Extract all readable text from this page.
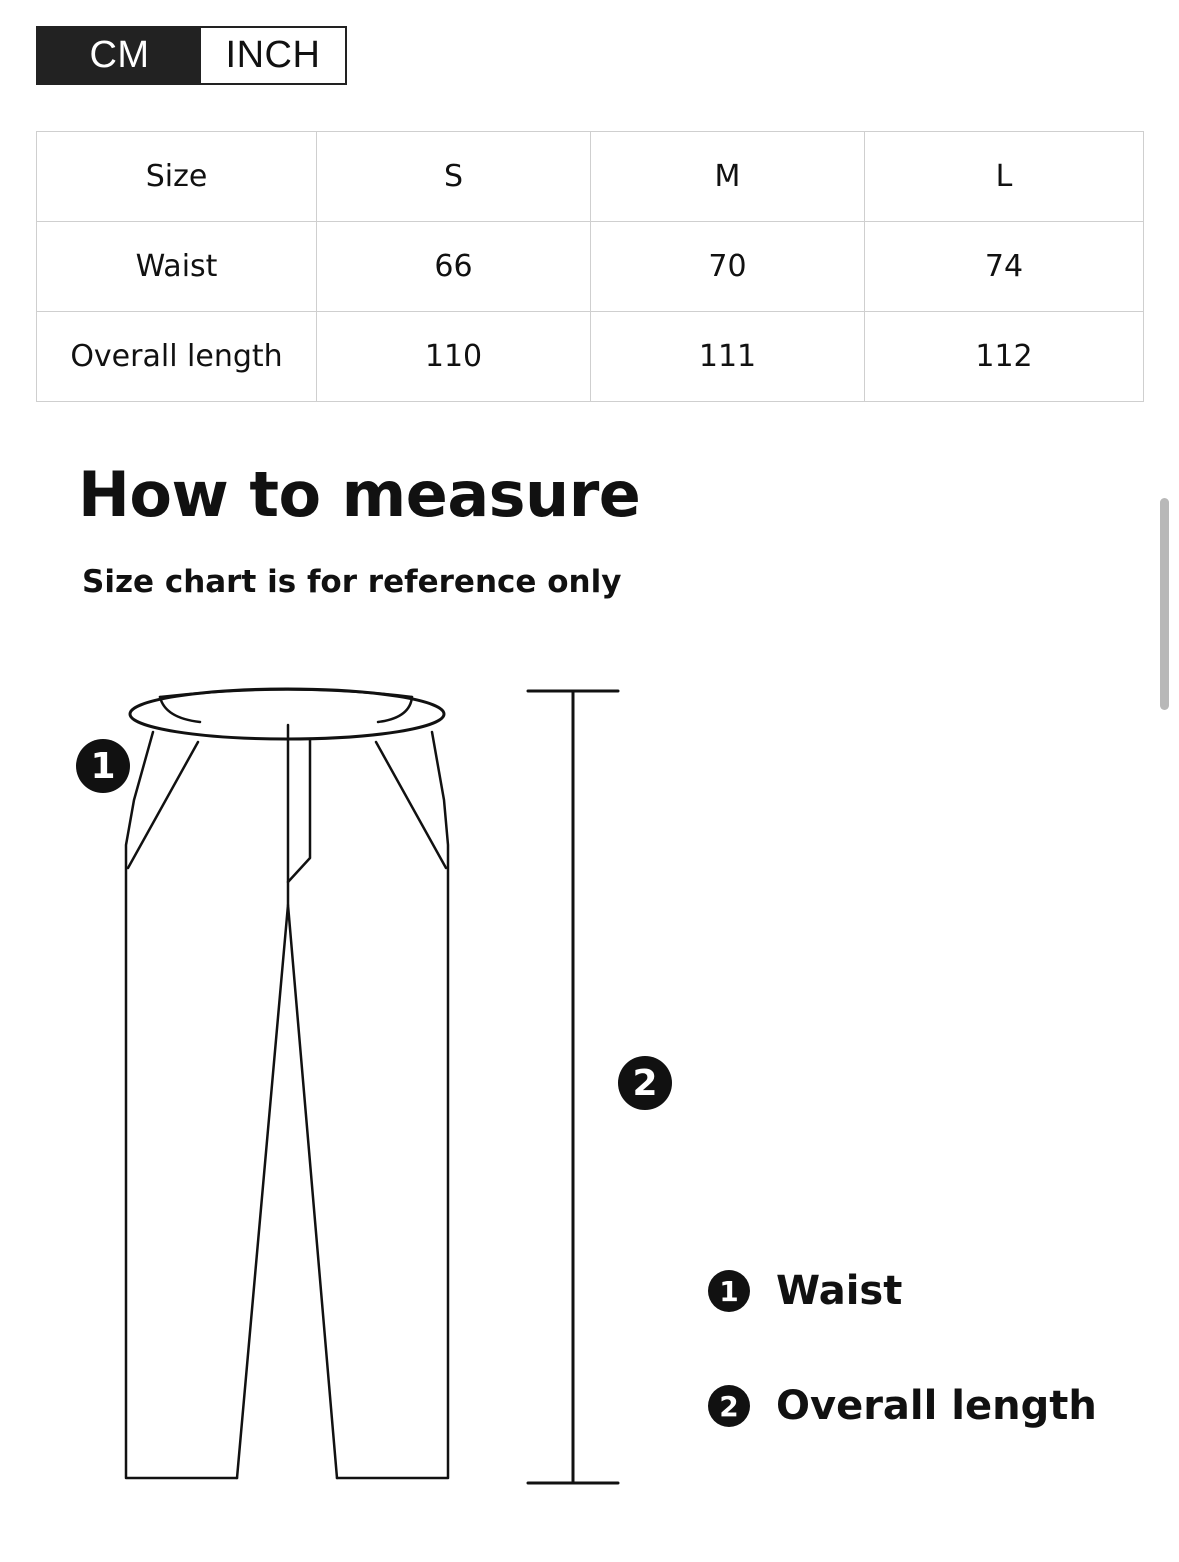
CM	INCH
Size	S	M	L
Waist	66	70	74
Overall length	110	111	112
How to measure

Size chart is for reference only

1
2
1 Waist
2 Overall length
